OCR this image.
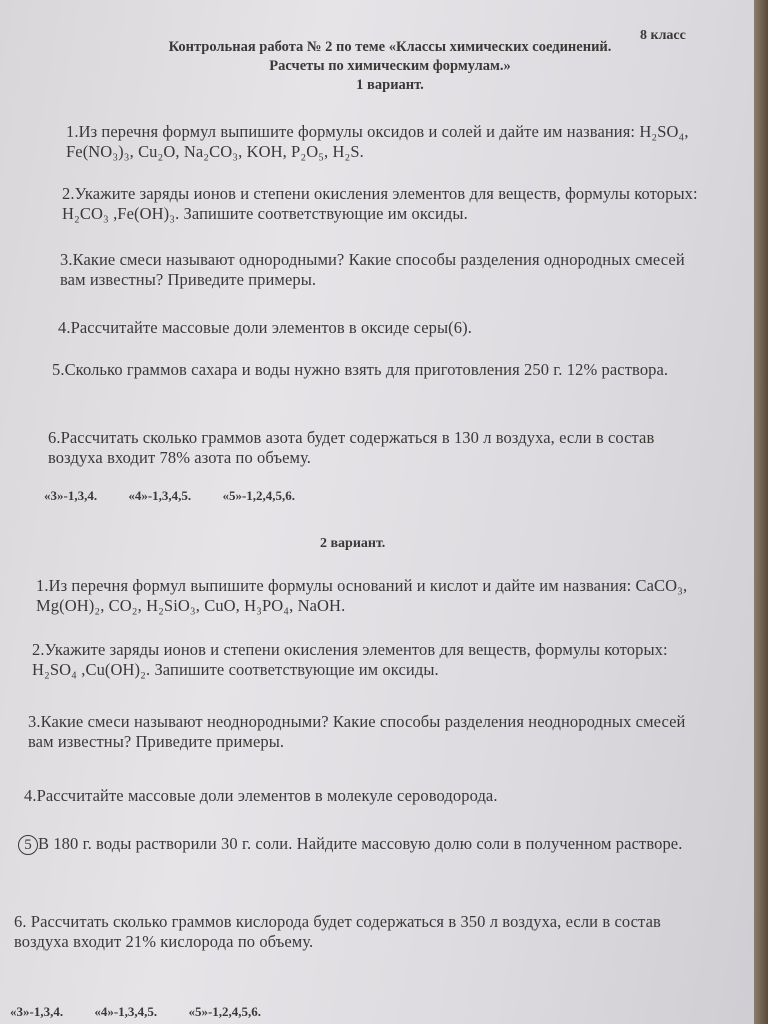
8 класс
Контрольная работа № 2 по теме «Классы химических соединений.
Расчеты по химическим формулам.»
1 вариант.
1.Из перечня формул выпишите формулы оксидов и солей и дайте им названия: H₂SO₄, Fe(NO₃)₃, Cu₂O, Na₂CO₃, KOH, P₂O₅, H₂S.
2.Укажите заряды ионов и степени окисления элементов для веществ, формулы которых: H₂CO₃ ,Fe(OH)₃. Запишите соответствующие им оксиды.
3.Какие смеси называют однородными? Какие способы разделения однородных смесей вам известны? Приведите примеры.
4.Рассчитайте массовые доли элементов в оксиде серы(6).
5.Сколько граммов сахара и воды нужно взять для приготовления 250 г. 12% раствора.
6.Рассчитать сколько граммов азота будет содержаться в 130 л воздуха, если в состав воздуха входит 78% азота по объему.
«3»-1,3,4. «4»-1,3,4,5. «5»-1,2,4,5,6.
2 вариант.
1.Из перечня формул выпишите формулы оснований и кислот и дайте им названия: CaCO₃, Mg(OH)₂, CO₂, H₂SiO₃, CuO, H₃PO₄, NaOH.
2.Укажите заряды ионов и степени окисления элементов для веществ, формулы которых: H₂SO₄ ,Cu(OH)₂. Запишите соответствующие им оксиды.
3.Какие смеси называют неоднородными? Какие способы разделения неоднородных смесей вам известны? Приведите примеры.
4.Рассчитайте массовые доли элементов в молекуле сероводорода.
5 В 180 г. воды растворили 30 г. соли. Найдите массовую долю соли в полученном растворе.
6. Рассчитать сколько граммов кислорода будет содержаться в 350 л воздуха, если в состав воздуха входит 21% кислорода по объему.
«3»-1,3,4. «4»-1,3,4,5. «5»-1,2,4,5,6.
